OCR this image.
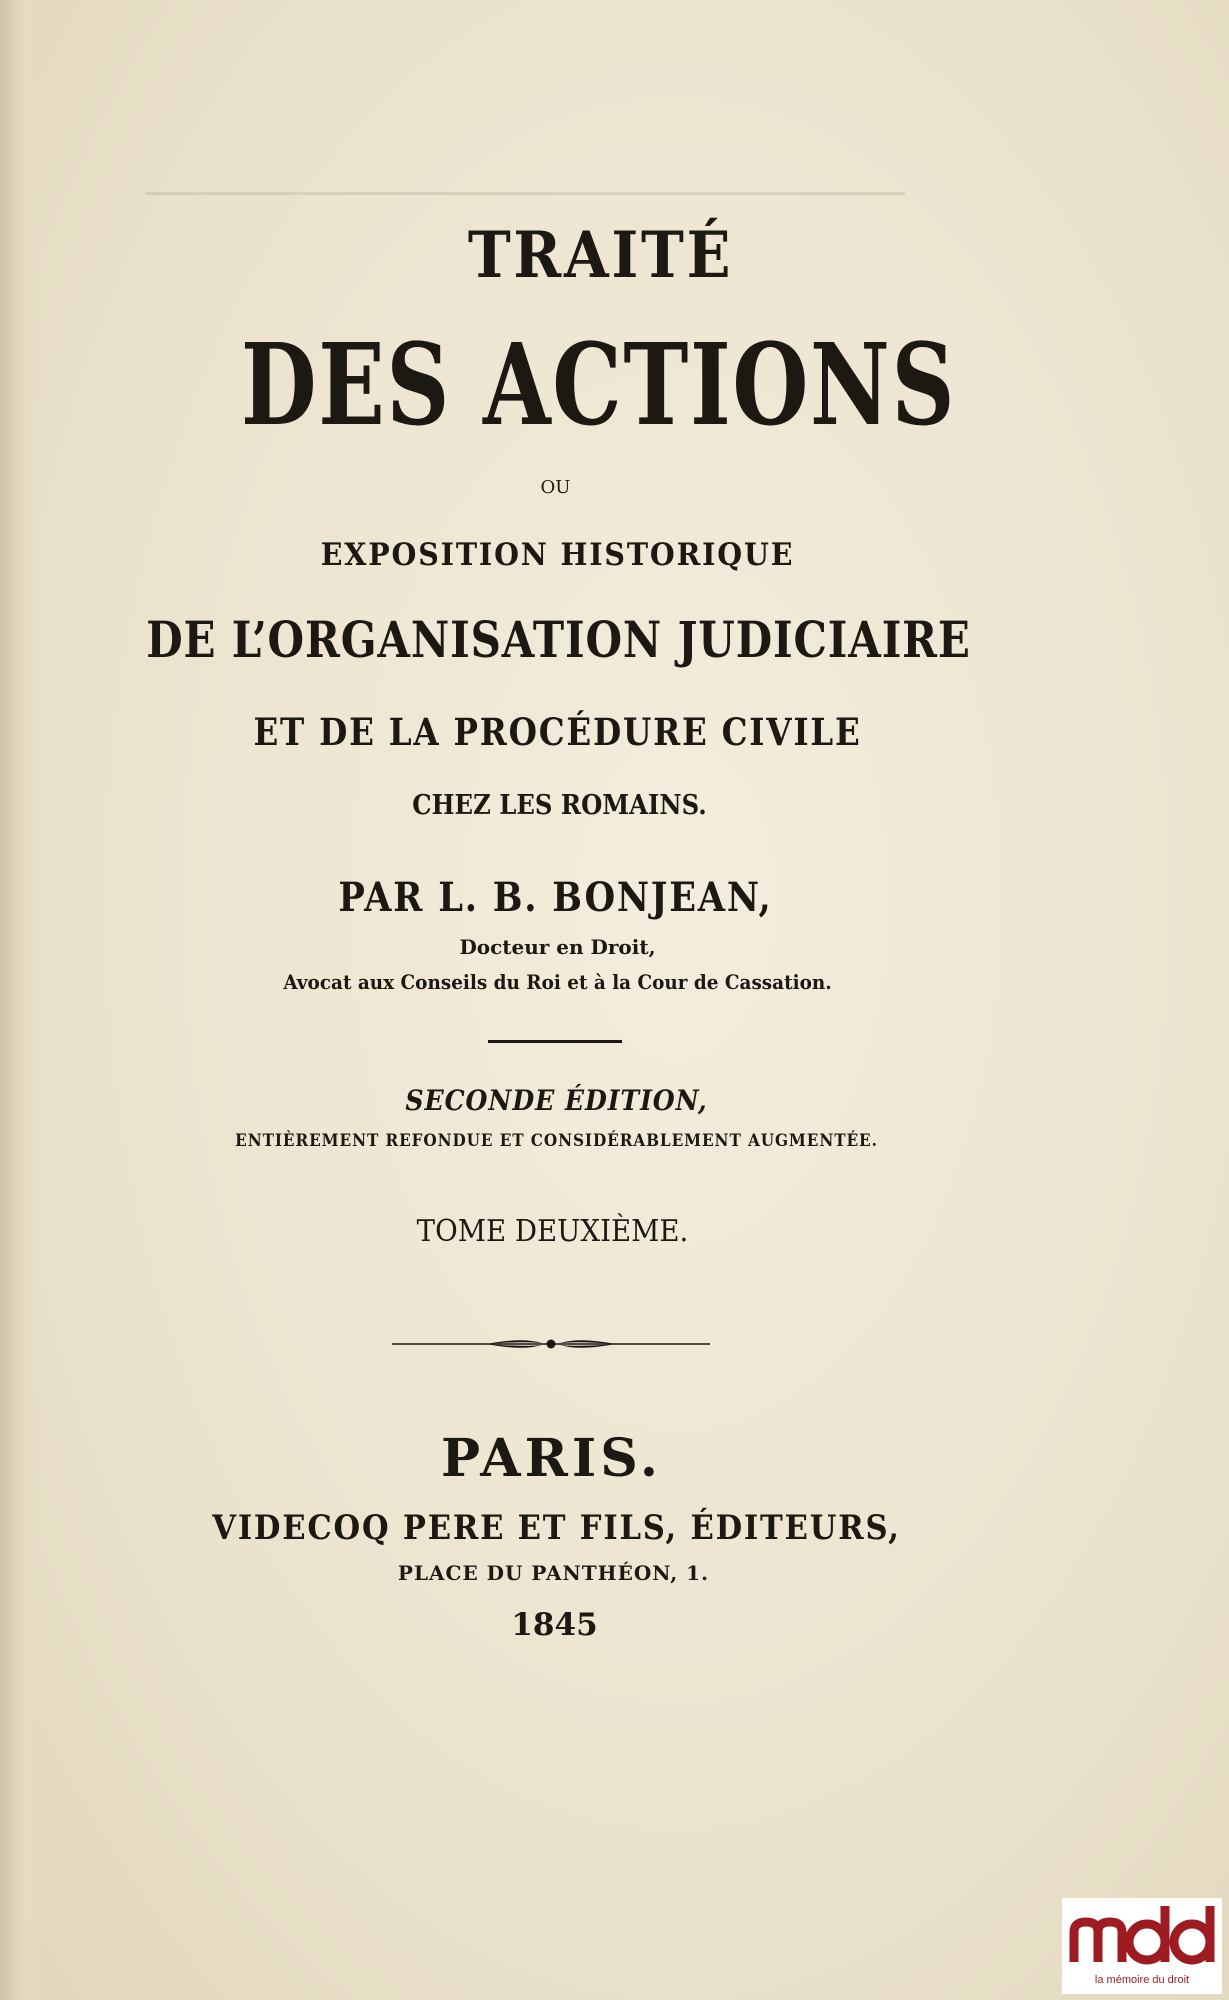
TRAITÉ
DES ACTIONS
OU
EXPOSITION HISTORIQUE
DE L’ORGANISATION JUDICIAIRE
ET DE LA PROCÉDURE CIVILE
CHEZ LES ROMAINS.
PAR L. B. BONJEAN,
Docteur en Droit,
Avocat aux Conseils du Roi et à la Cour de Cassation.
SECONDE ÉDITION,
ENTIÈREMENT REFONDUE ET CONSIDÉRABLEMENT AUGMENTÉE.
TOME DEUXIÈME.
PARIS.
VIDECOQ PERE ET FILS, ÉDITEURS,
PLACE DU PANTHÉON, 1.
1845
la mémoire du droit
